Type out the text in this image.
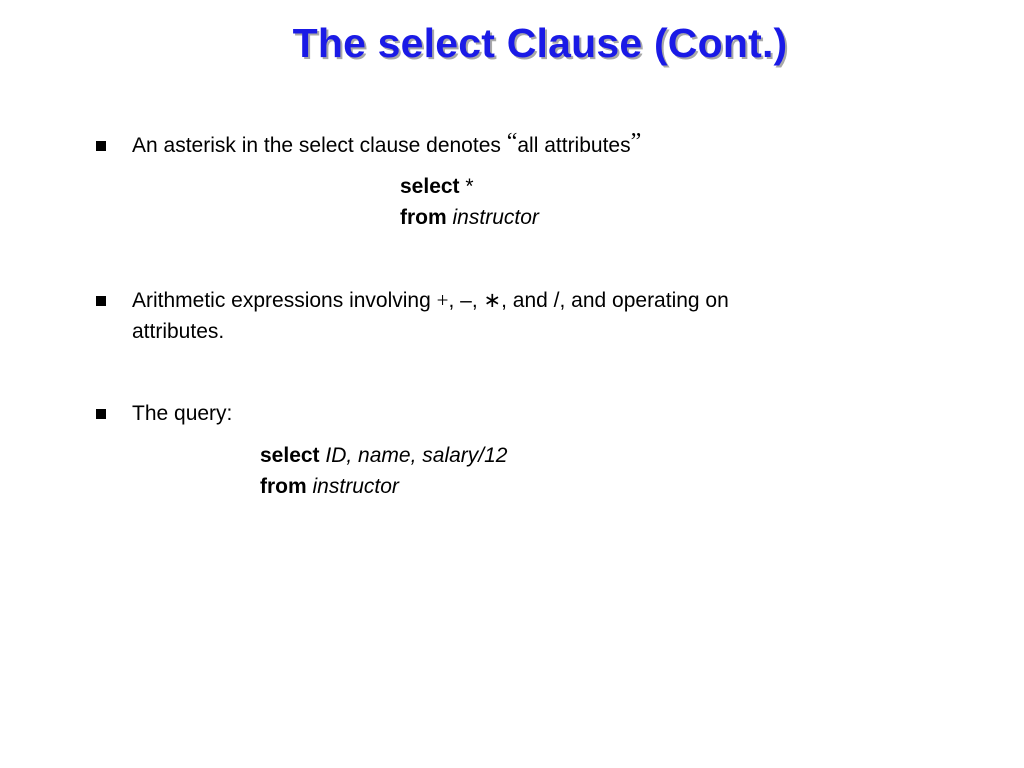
The select Clause (Cont.)
An asterisk in the select clause denotes “all attributes”
select *
from instructor
Arithmetic expressions involving +, –, ∗, and /, and operating on
attributes.
The query:
select ID, name, salary/12
from instructor
